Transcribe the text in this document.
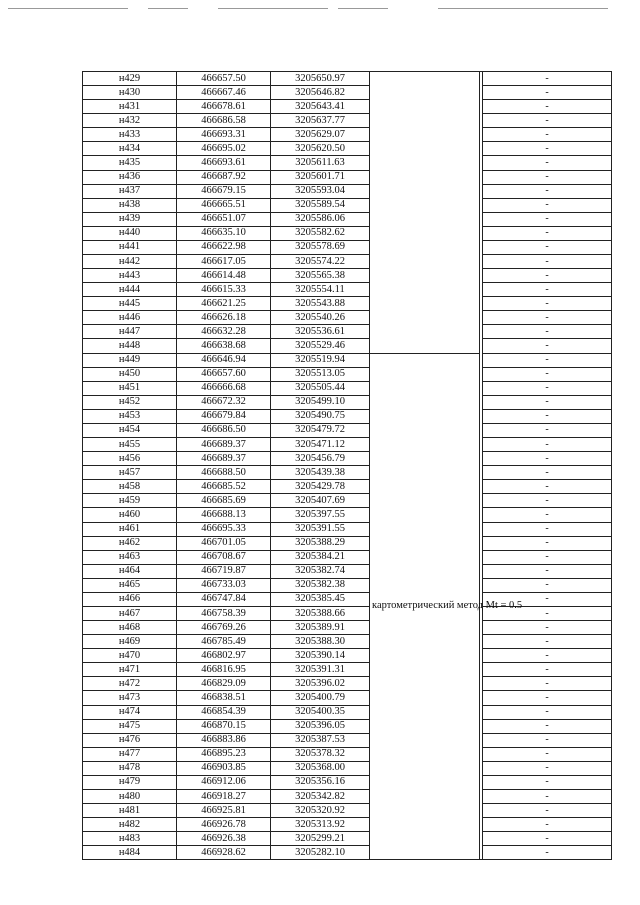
н429	466657.50	3205650.97			-
н430	466667.46	3205646.82			-
н431	466678.61	3205643.41			-
н432	466686.58	3205637.77			-
н433	466693.31	3205629.07			-
н434	466695.02	3205620.50			-
н435	466693.61	3205611.63			-
н436	466687.92	3205601.71			-
н437	466679.15	3205593.04			-
н438	466665.51	3205589.54			-
н439	466651.07	3205586.06			-
н440	466635.10	3205582.62			-
н441	466622.98	3205578.69			-
н442	466617.05	3205574.22			-
н443	466614.48	3205565.38			-
н444	466615.33	3205554.11			-
н445	466621.25	3205543.88			-
н446	466626.18	3205540.26			-
н447	466632.28	3205536.61			-
н448	466638.68	3205529.46			-
н449	466646.94	3205519.94	картометрический метод Mt = 0.5		-
н450	466657.60	3205513.05			-
н451	466666.68	3205505.44			-
н452	466672.32	3205499.10			-
н453	466679.84	3205490.75			-
н454	466686.50	3205479.72			-
н455	466689.37	3205471.12			-
н456	466689.37	3205456.79			-
н457	466688.50	3205439.38			-
н458	466685.52	3205429.78			-
н459	466685.69	3205407.69			-
н460	466688.13	3205397.55			-
н461	466695.33	3205391.55			-
н462	466701.05	3205388.29			-
н463	466708.67	3205384.21			-
н464	466719.87	3205382.74			-
н465	466733.03	3205382.38			-
н466	466747.84	3205385.45			-
н467	466758.39	3205388.66			-
н468	466769.26	3205389.91			-
н469	466785.49	3205388.30			-
н470	466802.97	3205390.14			-
н471	466816.95	3205391.31			-
н472	466829.09	3205396.02			-
н473	466838.51	3205400.79			-
н474	466854.39	3205400.35			-
н475	466870.15	3205396.05			-
н476	466883.86	3205387.53			-
н477	466895.23	3205378.32			-
н478	466903.85	3205368.00			-
н479	466912.06	3205356.16			-
н480	466918.27	3205342.82			-
н481	466925.81	3205320.92			-
н482	466926.78	3205313.92			-
н483	466926.38	3205299.21			-
н484	466928.62	3205282.10			-
